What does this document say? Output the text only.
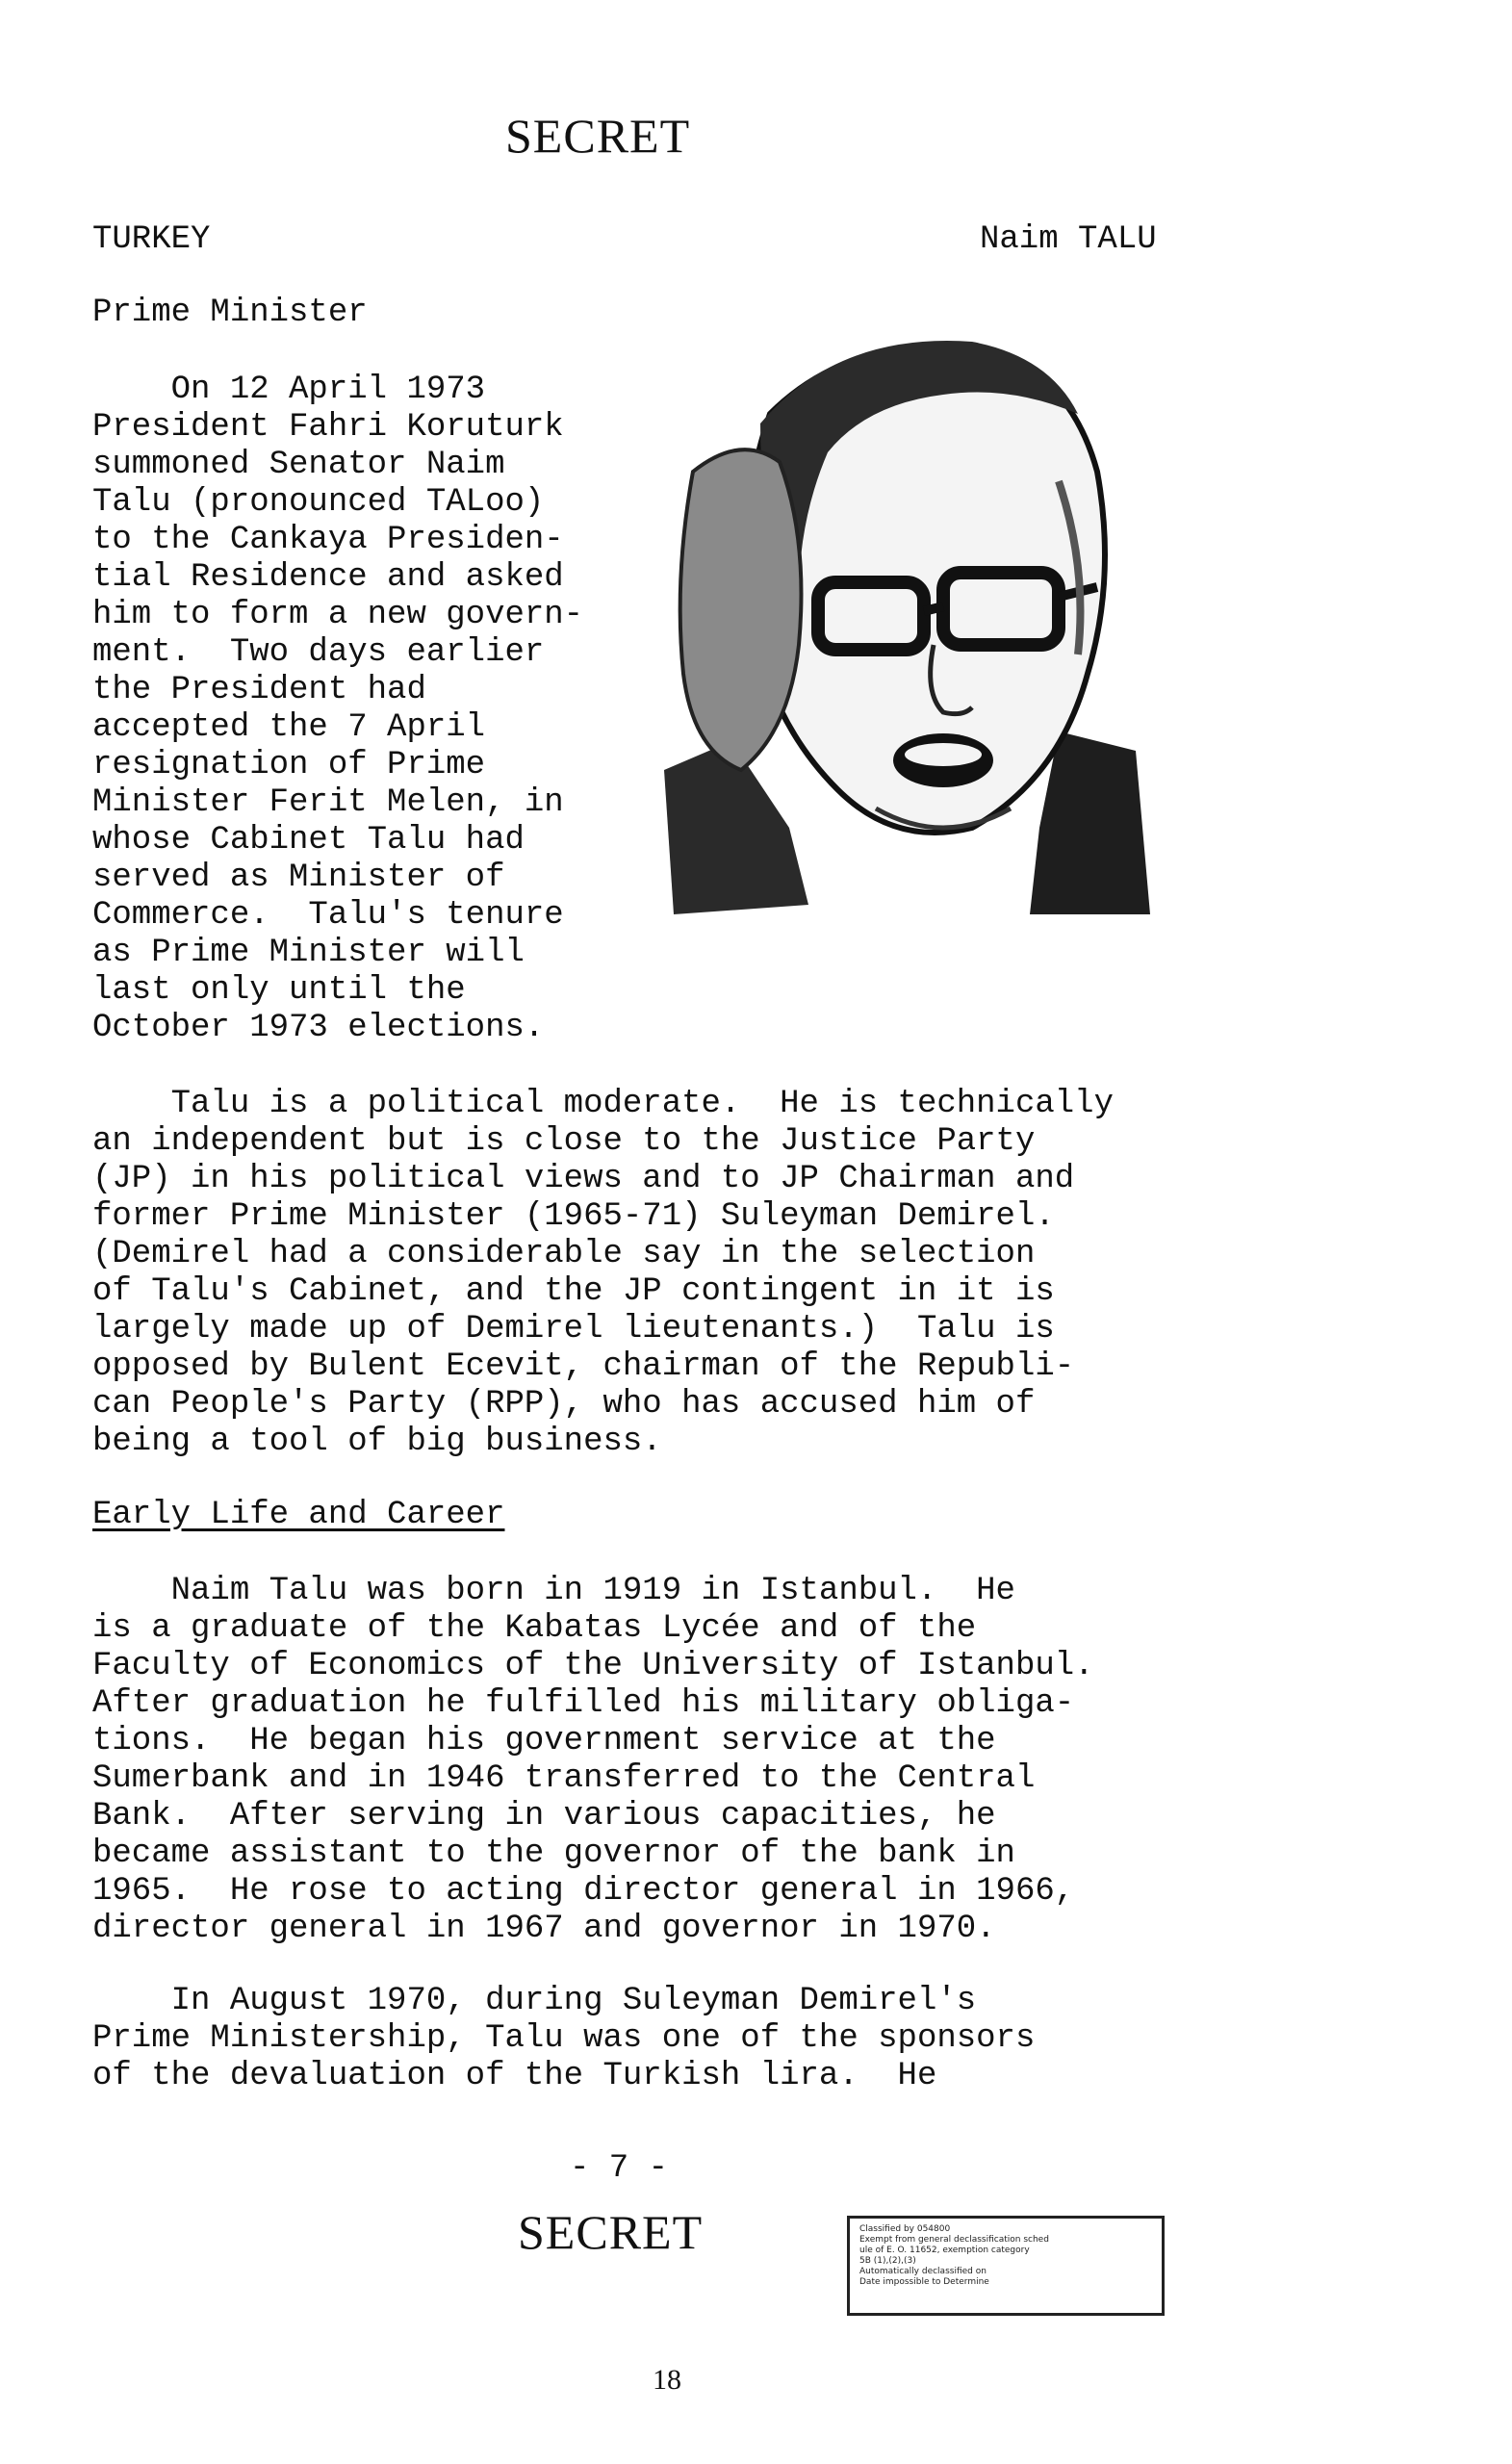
SECRET
TURKEY	Naim TALU
Prime Minister
On 12 April 1973
President Fahri Koruturk
summoned Senator Naim
Talu (pronounced TALoo)
to the Cankaya Presiden-
tial Residence and asked
him to form a new govern-
ment.  Two days earlier
the President had
accepted the 7 April
resignation of Prime
Minister Ferit Melen, in
whose Cabinet Talu had
served as Minister of
Commerce.  Talu's tenure
as Prime Minister will
last only until the
October 1973 elections.
Talu is a political moderate.  He is technically
an independent but is close to the Justice Party
(JP) in his political views and to JP Chairman and
former Prime Minister (1965-71) Suleyman Demirel.
(Demirel had a considerable say in the selection
of Talu's Cabinet, and the JP contingent in it is
largely made up of Demirel lieutenants.)  Talu is
opposed by Bulent Ecevit, chairman of the Republi-
can People's Party (RPP), who has accused him of
being a tool of big business.
Early Life and Career
Naim Talu was born in 1919 in Istanbul.  He
is a graduate of the Kabatas Lycée and of the
Faculty of Economics of the University of Istanbul.
After graduation he fulfilled his military obliga-
tions.  He began his government service at the
Sumerbank and in 1946 transferred to the Central
Bank.  After serving in various capacities, he
became assistant to the governor of the bank in
1965.  He rose to acting director general in 1966,
director general in 1967 and governor in 1970.
In August 1970, during Suleyman Demirel's
Prime Ministership, Talu was one of the sponsors
of the devaluation of the Turkish lira.  He
- 7 -
SECRET	Classified by 054800
Exempt from general declassification sched
ule of E. O. 11652, exemption category
5B (1),(2),(3)
Automatically declassified on
Date impossible to Determine
18
